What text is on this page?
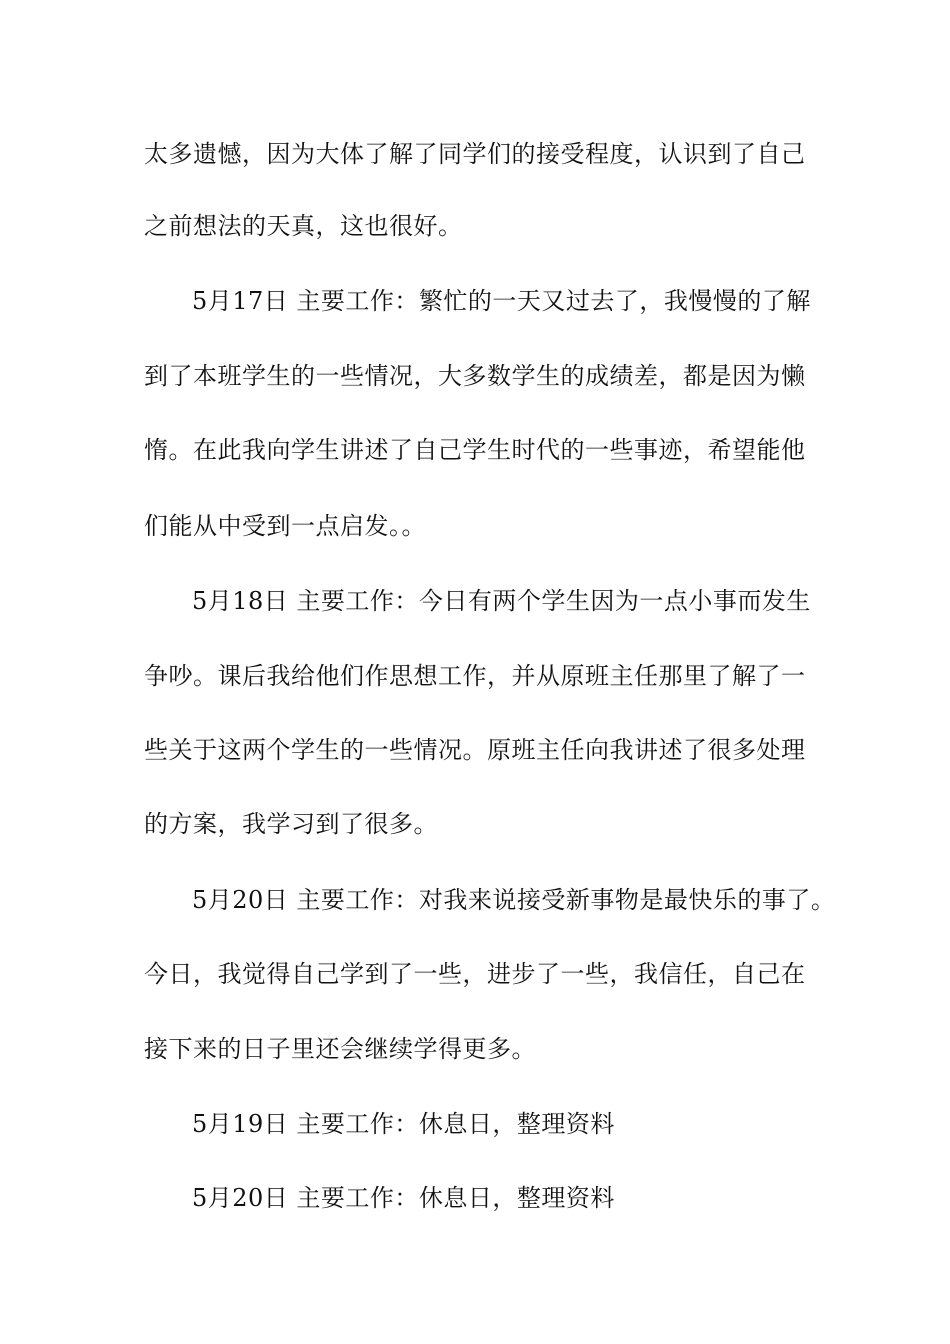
太多遗憾，因为大体了解了同学们的接受程度，认识到了自己
之前想法的天真，这也很好。
5月17日 主要工作：繁忙的一天又过去了，我慢慢的了解
到了本班学生的一些情况，大多数学生的成绩差，都是因为懒
惰。在此我向学生讲述了自己学生时代的一些事迹，希望能他
们能从中受到一点启发。。
5月18日 主要工作：今日有两个学生因为一点小事而发生
争吵。课后我给他们作思想工作，并从原班主任那里了解了一
些关于这两个学生的一些情况。原班主任向我讲述了很多处理
的方案，我学习到了很多。
5月20日 主要工作：对我来说接受新事物是最快乐的事了。
今日，我觉得自己学到了一些，进步了一些，我信任，自己在
接下来的日子里还会继续学得更多。
5月19日 主要工作：休息日，整理资料
5月20日 主要工作：休息日，整理资料
